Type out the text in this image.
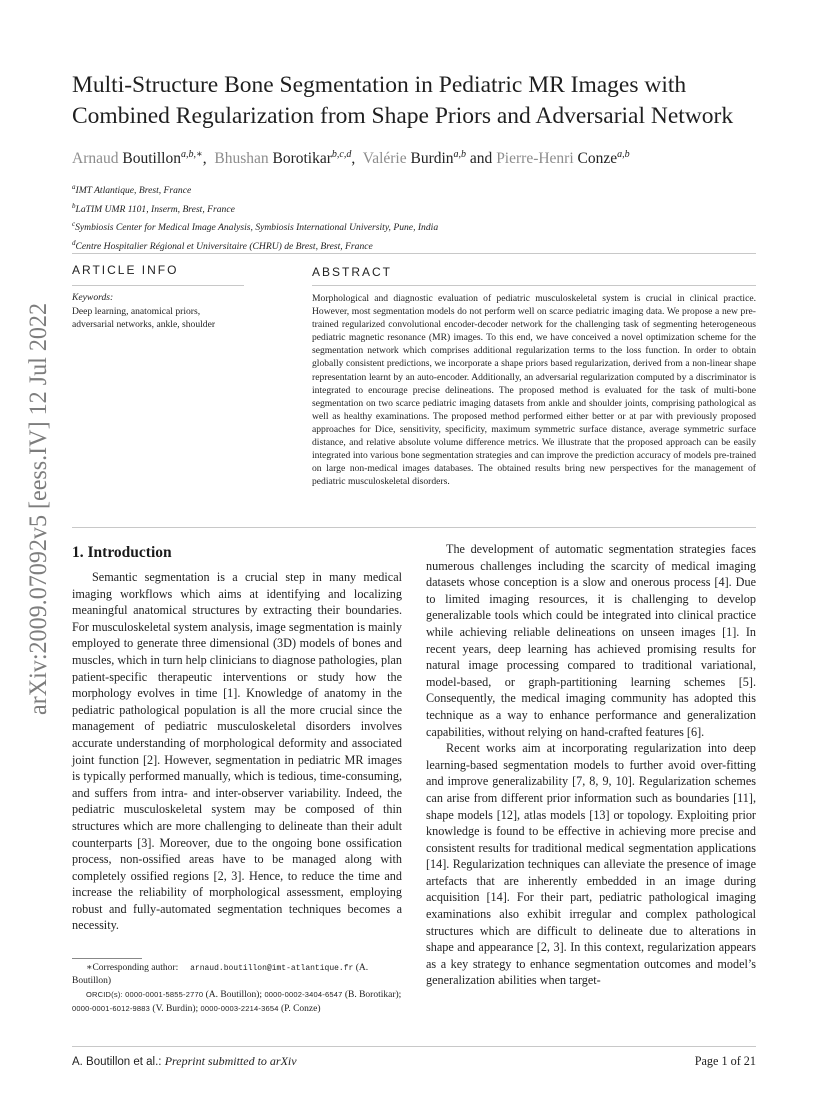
arXiv:2009.07092v5 [eess.IV] 12 Jul 2022
Multi-Structure Bone Segmentation in Pediatric MR Images with Combined Regularization from Shape Priors and Adversarial Network
Arnaud Boutillon$^{a,b,∗}$,  Bhushan Borotikar$^{b,c,d}$,  Valérie Burdin$^{a,b}$ and Pierre-Henri Conze$^{a,b}$
$^a$IMT Atlantique, Brest, France
$^b$LaTIM UMR 1101, Inserm, Brest, France
$^c$Symbiosis Center for Medical Image Analysis, Symbiosis International University, Pune, India
$^d$Centre Hospitalier Régional et Universitaire (CHRU) de Brest, Brest, France
ARTICLE INFO	ABSTRACT
Keywords:
Deep learning, anatomical priors, adversarial networks, ankle, shoulder
Morphological and diagnostic evaluation of pediatric musculoskeletal system is crucial in clinical practice. However, most segmentation models do not perform well on scarce pediatric imaging data. We propose a new pre-trained regularized convolutional encoder-decoder network for the challenging task of segmenting heterogeneous pediatric magnetic resonance (MR) images. To this end, we have conceived a novel optimization scheme for the segmentation network which comprises additional regularization terms to the loss function. In order to obtain globally consistent predictions, we incorporate a shape priors based regularization, derived from a non-linear shape representation learnt by an auto-encoder. Additionally, an adversarial regularization computed by a discriminator is integrated to encourage precise delineations. The proposed method is evaluated for the task of multi-bone segmentation on two scarce pediatric imaging datasets from ankle and shoulder joints, comprising pathological as well as healthy examinations. The proposed method performed either better or at par with previously proposed approaches for Dice, sensitivity, specificity, maximum symmetric surface distance, average symmetric surface distance, and relative absolute volume difference metrics. We illustrate that the proposed approach can be easily integrated into various bone segmentation strategies and can improve the prediction accuracy of models pre-trained on large non-medical images databases. The obtained results bring new perspectives for the management of pediatric musculoskeletal disorders.
1. Introduction

Semantic segmentation is a crucial step in many medical imaging workflows which aims at identifying and localizing meaningful anatomical structures by extracting their boundaries. For musculoskeletal system analysis, image segmentation is mainly employed to generate three dimensional (3D) models of bones and muscles, which in turn help clinicians to diagnose pathologies, plan patient-specific therapeutic interventions or study how the morphology evolves in time [1]. Knowledge of anatomy in the pediatric pathological population is all the more crucial since the management of pediatric musculoskeletal disorders involves accurate understanding of morphological deformity and associated joint function [2]. However, segmentation in pediatric MR images is typically performed manually, which is tedious, time-consuming, and suffers from intra- and inter-observer variability. Indeed, the pediatric musculoskeletal system may be composed of thin structures which are more challenging to delineate than their adult counterparts [3]. Moreover, due to the ongoing bone ossification process, non-ossified areas have to be managed along with completely ossified regions [2, 3]. Hence, to reduce the time and increase the reliability of morphological assessment, employing robust and fully-automated segmentation techniques becomes a necessity.

The development of automatic segmentation strategies faces numerous challenges including the scarcity of medical imaging datasets whose conception is a slow and onerous process [4]. Due to limited imaging resources, it is challenging to develop generalizable tools which could be integrated into clinical practice while achieving reliable delineations on unseen images [1]. In recent years, deep learning has achieved promising results for natural image processing compared to traditional variational, model-based, or graph-partitioning learning schemes [5]. Consequently, the medical imaging community has adopted this technique as a way to enhance performance and generalization capabilities, without relying on hand-crafted features [6].

Recent works aim at incorporating regularization into deep learning-based segmentation models to further avoid over-fitting and improve generalizability [7, 8, 9, 10]. Regularization schemes can arise from different prior information such as boundaries [11], shape models [12], atlas models [13] or topology. Exploiting prior knowledge is found to be effective in achieving more precise and consistent results for traditional medical segmentation applications [14]. Regularization techniques can alleviate the presence of image artefacts that are inherently embedded in an image during acquisition [14]. For their part, pediatric pathological imaging examinations also exhibit irregular and complex pathological structures which are difficult to delineate due to alterations in shape and appearance [2, 3]. In this context, regularization appears as a key strategy to enhance segmentation outcomes and model’s generalization abilities when target-

∗Corresponding author: arnaud.boutillon@imt-atlantique.fr (A. Boutillon)

ORCID(s): 0000-0001-5855-2770 (A. Boutillon); 0000-0002-3404-6547 (B. Borotikar); 0000-0001-6012-9883 (V. Burdin); 0000-0003-2214-3654 (P. Conze)

A. Boutillon et al.: Preprint submitted to arXiv	Page 1 of 21
